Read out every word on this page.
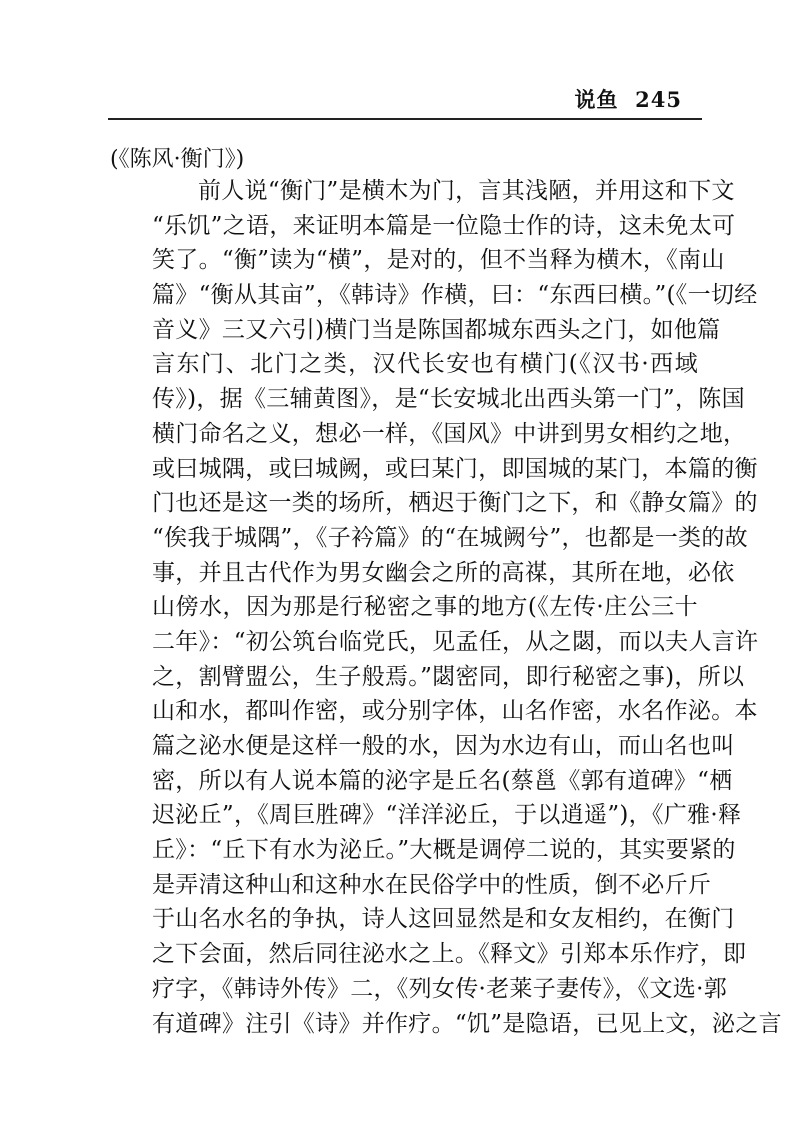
说鱼 245
(《陈风·衡门》)
前人说“衡门”是横木为门，言其浅陋，并用这和下文
“乐饥”之语，来证明本篇是一位隐士作的诗，这未免太可
笑了。“衡”读为“横”，是对的，但不当释为横木，《南山
篇》“衡从其亩”，《韩诗》作横，曰：“东西曰横。”(《一切经
音义》三又六引)横门当是陈国都城东西头之门，如他篇
言东门、北门之类，汉代长安也有横门(《汉书·西域
传》)，据《三辅黄图》，是“长安城北出西头第一门”，陈国
横门命名之义，想必一样，《国风》中讲到男女相约之地，
或曰城隅，或曰城阙，或曰某门，即国城的某门，本篇的衡
门也还是这一类的场所，栖迟于衡门之下，和《静女篇》的
“俟我于城隅”，《子衿篇》的“在城阙兮”，也都是一类的故
事，并且古代作为男女幽会之所的高禖，其所在地，必依
山傍水，因为那是行秘密之事的地方(《左传·庄公三十
二年》：“初公筑台临党氏，见孟任，从之閟，而以夫人言许
之，割臂盟公，生子般焉。”閟密同，即行秘密之事)，所以
山和水，都叫作密，或分别字体，山名作密，水名作泌。本
篇之泌水便是这样一般的水，因为水边有山，而山名也叫
密，所以有人说本篇的泌字是丘名(蔡邕《郭有道碑》“栖
迟泌丘”，《周巨胜碑》“洋洋泌丘，于以逍遥”)，《广雅·释
丘》：“丘下有水为泌丘。”大概是调停二说的，其实要紧的
是弄清这种山和这种水在民俗学中的性质，倒不必斤斤
于山名水名的争执，诗人这回显然是和女友相约，在衡门
之下会面，然后同往泌水之上。《释文》引郑本乐作疗，即
疗字，《韩诗外传》二，《列女传·老莱子妻传》，《文选·郭
有道碑》注引《诗》并作疗。“饥”是隐语，已见上文，泌之言
